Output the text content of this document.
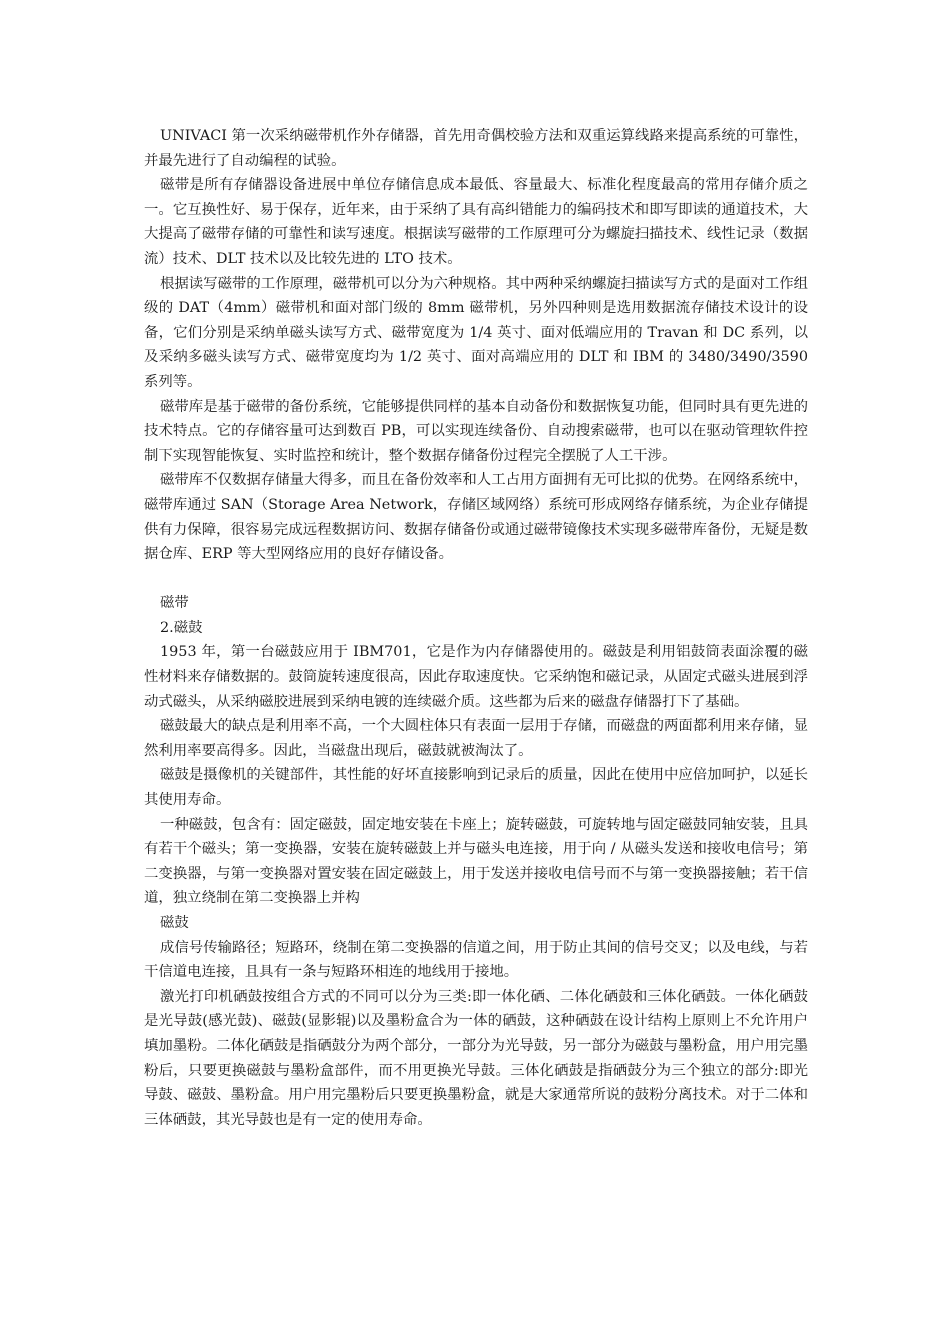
UNIVACI 第一次采纳磁带机作外存储器，首先用奇偶校验方法和双重运算线路来提高系统的可靠性，并最先进行了自动编程的试验。

磁带是所有存储器设备进展中单位存储信息成本最低、容量最大、标准化程度最高的常用存储介质之一。它互换性好、易于保存，近年来，由于采纳了具有高纠错能力的编码技术和即写即读的通道技术，大大提高了磁带存储的可靠性和读写速度。根据读写磁带的工作原理可分为螺旋扫描技术、线性记录（数据流）技术、DLT 技术以及比较先进的 LTO 技术。

根据读写磁带的工作原理，磁带机可以分为六种规格。其中两种采纳螺旋扫描读写方式的是面对工作组级的 DAT（4mm）磁带机和面对部门级的 8mm 磁带机，另外四种则是选用数据流存储技术设计的设备，它们分别是采纳单磁头读写方式、磁带宽度为 1/4 英寸、面对低端应用的 Travan 和 DC 系列，以及采纳多磁头读写方式、磁带宽度均为 1/2 英寸、面对高端应用的 DLT 和 IBM 的 3480/3490/3590 系列等。

磁带库是基于磁带的备份系统，它能够提供同样的基本自动备份和数据恢复功能，但同时具有更先进的技术特点。它的存储容量可达到数百 PB，可以实现连续备份、自动搜索磁带，也可以在驱动管理软件控制下实现智能恢复、实时监控和统计，整个数据存储备份过程完全摆脱了人工干涉。

磁带库不仅数据存储量大得多，而且在备份效率和人工占用方面拥有无可比拟的优势。在网络系统中，磁带库通过 SAN（Storage Area Network，存储区域网络）系统可形成网络存储系统，为企业存储提供有力保障，很容易完成远程数据访问、数据存储备份或通过磁带镜像技术实现多磁带库备份，无疑是数据仓库、ERP 等大型网络应用的良好存储设备。

磁带

2.磁鼓

1953 年，第一台磁鼓应用于 IBM701，它是作为内存储器使用的。磁鼓是利用铝鼓筒表面涂覆的磁性材料来存储数据的。鼓筒旋转速度很高，因此存取速度快。它采纳饱和磁记录，从固定式磁头进展到浮动式磁头，从采纳磁胶进展到采纳电镀的连续磁介质。这些都为后来的磁盘存储器打下了基础。

磁鼓最大的缺点是利用率不高，一个大圆柱体只有表面一层用于存储，而磁盘的两面都利用来存储，显然利用率要高得多。因此，当磁盘出现后，磁鼓就被淘汰了。

磁鼓是摄像机的关键部件，其性能的好坏直接影响到记录后的质量，因此在使用中应倍加呵护，以延长其使用寿命。

一种磁鼓，包含有：固定磁鼓，固定地安装在卡座上；旋转磁鼓，可旋转地与固定磁鼓同轴安装，且具有若干个磁头；第一变换器，安装在旋转磁鼓上并与磁头电连接，用于向 / 从磁头发送和接收电信号；第二变换器，与第一变换器对置安装在固定磁鼓上，用于发送并接收电信号而不与第一变换器接触；若干信道，独立绕制在第二变换器上并构

磁鼓

成信号传输路径；短路环，绕制在第二变换器的信道之间，用于防止其间的信号交叉；以及电线，与若干信道电连接，且具有一条与短路环相连的地线用于接地。

激光打印机硒鼓按组合方式的不同可以分为三类:即一体化硒、二体化硒鼓和三体化硒鼓。一体化硒鼓是光导鼓(感光鼓)、磁鼓(显影辊)以及墨粉盒合为一体的硒鼓，这种硒鼓在设计结构上原则上不允许用户填加墨粉。二体化硒鼓是指硒鼓分为两个部分，一部分为光导鼓，另一部分为磁鼓与墨粉盒，用户用完墨粉后，只要更换磁鼓与墨粉盒部件，而不用更换光导鼓。三体化硒鼓是指硒鼓分为三个独立的部分:即光导鼓、磁鼓、墨粉盒。用户用完墨粉后只要更换墨粉盒，就是大家通常所说的鼓粉分离技术。对于二体和三体硒鼓，其光导鼓也是有一定的使用寿命。
